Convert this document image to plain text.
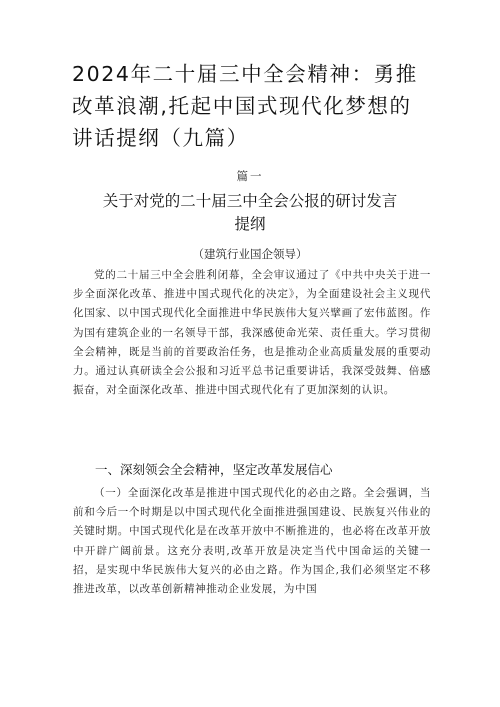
2024年二十届三中全会精神：勇推改革浪潮,托起中国式现代化梦想的讲话提纲（九篇）
篇一
关于对党的二十届三中全会公报的研讨发言提纲
（建筑行业国企领导）

党的二十届三中全会胜利闭幕，全会审议通过了《中共中央关于进一步全面深化改革、推进中国式现代化的决定》，为全面建设社会主义现代化国家、以中国式现代化全面推进中华民族伟大复兴擘画了宏伟蓝图。作为国有建筑企业的一名领导干部，我深感使命光荣、责任重大。学习贯彻全会精神，既是当前的首要政治任务，也是推动企业高质量发展的重要动力。通过认真研读全会公报和习近平总书记重要讲话，我深受鼓舞、倍感振奋，对全面深化改革、推进中国式现代化有了更加深刻的认识。

一、深刻领会全会精神，坚定改革发展信心

（一）全面深化改革是推进中国式现代化的必由之路。全会强调，当前和今后一个时期是以中国式现代化全面推进强国建设、民族复兴伟业的关键时期。中国式现代化是在改革开放中不断推进的，也必将在改革开放中开辟广阔前景。这充分表明,改革开放是决定当代中国命运的关键一招，是实现中华民族伟大复兴的必由之路。作为国企,我们必须坚定不移推进改革，以改革创新精神推动企业发展，为中国
